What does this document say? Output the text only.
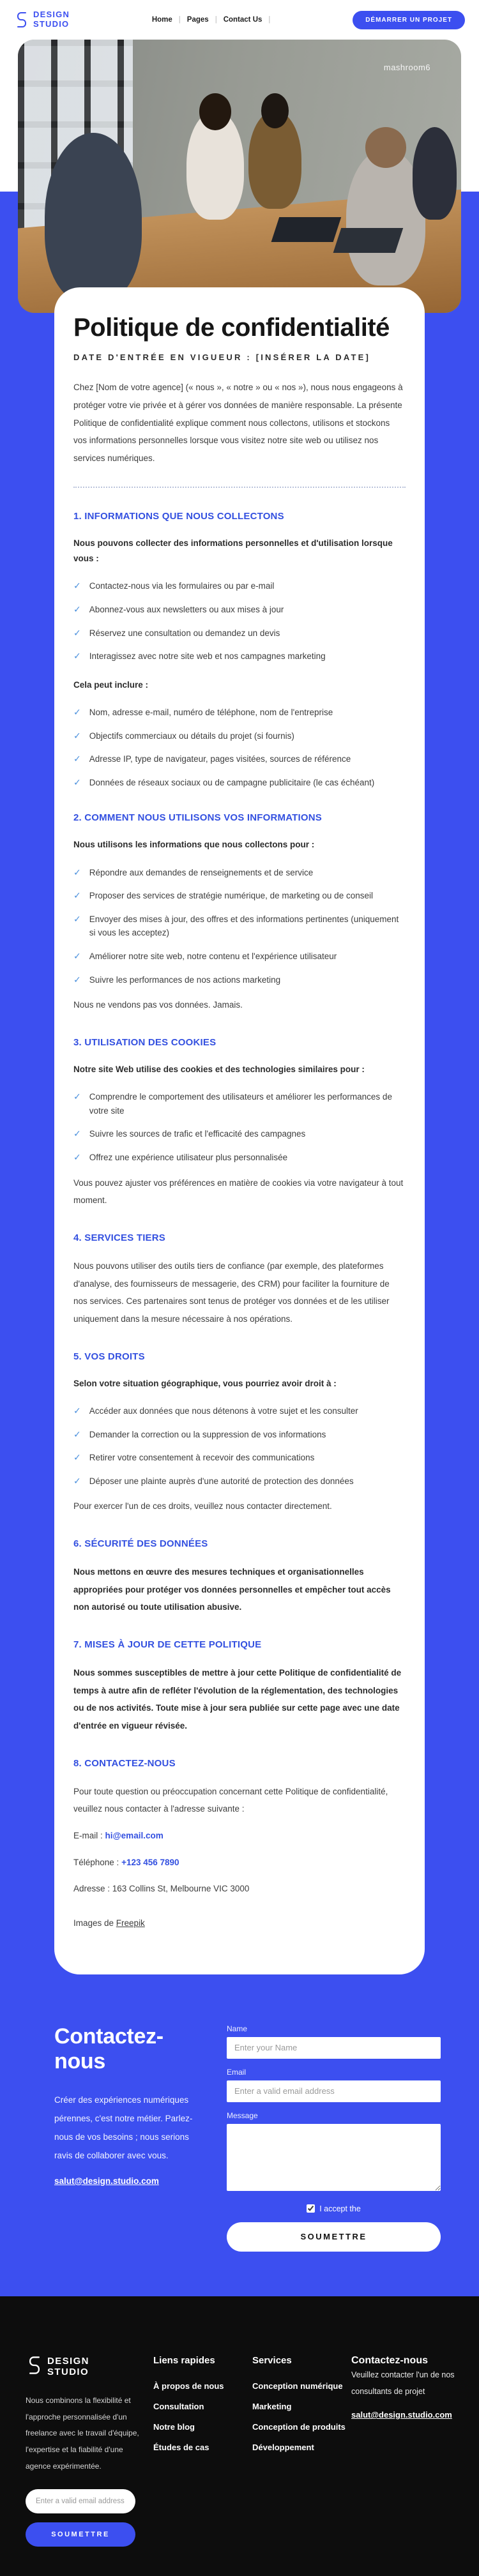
DESIGN
STUDIO	Home | Pages | Contact Us |	DÉMARRER UN PROJET
mashroom6
Politique de confidentialité
DATE D'ENTRÉE EN VIGUEUR : [INSÉRER LA DATE]

Chez [Nom de votre agence] (« nous », « notre » ou « nos »), nous nous engageons à protéger votre vie privée et à gérer vos données de manière responsable. La présente Politique de confidentialité explique comment nous collectons, utilisons et stockons vos informations personnelles lorsque vous visitez notre site web ou utilisez nos services numériques.

1. INFORMATIONS QUE NOUS COLLECTONS

Nous pouvons collecter des informations personnelles et d'utilisation lorsque vous :

✓ Contactez-nous via les formulaires ou par e-mail
✓ Abonnez-vous aux newsletters ou aux mises à jour
✓ Réservez une consultation ou demandez un devis
✓ Interagissez avec notre site web et nos campagnes marketing

Cela peut inclure :

✓ Nom, adresse e-mail, numéro de téléphone, nom de l'entreprise
✓ Objectifs commerciaux ou détails du projet (si fournis)
✓ Adresse IP, type de navigateur, pages visitées, sources de référence
✓ Données de réseaux sociaux ou de campagne publicitaire (le cas échéant)
2. COMMENT NOUS UTILISONS VOS INFORMATIONS

Nous utilisons les informations que nous collectons pour :

✓ Répondre aux demandes de renseignements et de service
✓ Proposer des services de stratégie numérique, de marketing ou de conseil
✓ Envoyer des mises à jour, des offres et des informations pertinentes (uniquement si vous les acceptez)
✓ Améliorer notre site web, notre contenu et l'expérience utilisateur
✓ Suivre les performances de nos actions marketing

Nous ne vendons pas vos données. Jamais.

3. UTILISATION DES COOKIES

Notre site Web utilise des cookies et des technologies similaires pour :

✓ Comprendre le comportement des utilisateurs et améliorer les performances de votre site
✓ Suivre les sources de trafic et l'efficacité des campagnes
✓ Offrez une expérience utilisateur plus personnalisée

Vous pouvez ajuster vos préférences en matière de cookies via votre navigateur à tout moment.

4. SERVICES TIERS

Nous pouvons utiliser des outils tiers de confiance (par exemple, des plateformes d'analyse, des fournisseurs de messagerie, des CRM) pour faciliter la fourniture de nos services. Ces partenaires sont tenus de protéger vos données et de les utiliser uniquement dans la mesure nécessaire à nos opérations.

5. VOS DROITS

Selon votre situation géographique, vous pourriez avoir droit à :

✓ Accéder aux données que nous détenons à votre sujet et les consulter
✓ Demander la correction ou la suppression de vos informations
✓ Retirer votre consentement à recevoir des communications
✓ Déposer une plainte auprès d'une autorité de protection des données

Pour exercer l'un de ces droits, veuillez nous contacter directement.

6. SÉCURITÉ DES DONNÉES

Nous mettons en œuvre des mesures techniques et organisationnelles appropriées pour protéger vos données personnelles et empêcher tout accès non autorisé ou toute utilisation abusive.

7. MISES À JOUR DE CETTE POLITIQUE

Nous sommes susceptibles de mettre à jour cette Politique de confidentialité de temps à autre afin de refléter l'évolution de la réglementation, des technologies ou de nos activités. Toute mise à jour sera publiée sur cette page avec une date d'entrée en vigueur révisée.

8. CONTACTEZ-NOUS

Pour toute question ou préoccupation concernant cette Politique de confidentialité, veuillez nous contacter à l'adresse suivante :

E-mail : hi@email.com

Téléphone : +123 456 7890

Adresse : 163 Collins St, Melbourne VIC 3000

Images de Freepik

Contactez-nous

Créer des expériences numériques pérennes, c'est notre métier. Parlez-nous de vos besoins ; nous serions ravis de collaborer avec vous.

salut@design.studio.com
Name
Enter your Name
Email
Enter a valid email address
Message
I accept the
SOUMETTRE
DESIGN
STUDIO

Nous combinons la flexibilité et l'approche personnalisée d'un freelance avec le travail d'équipe, l'expertise et la fiabilité d'une agence expérimentée.

Enter a valid email address SOUMETTRE
Liens rapides
À propos de nous
Consultation
Notre blog
Études de cas
Services
Conception numérique
Marketing
Conception de produits
Développement
Contactez-nous

Veuillez contacter l'un de nos consultants de projet

salut@design.studio.com
